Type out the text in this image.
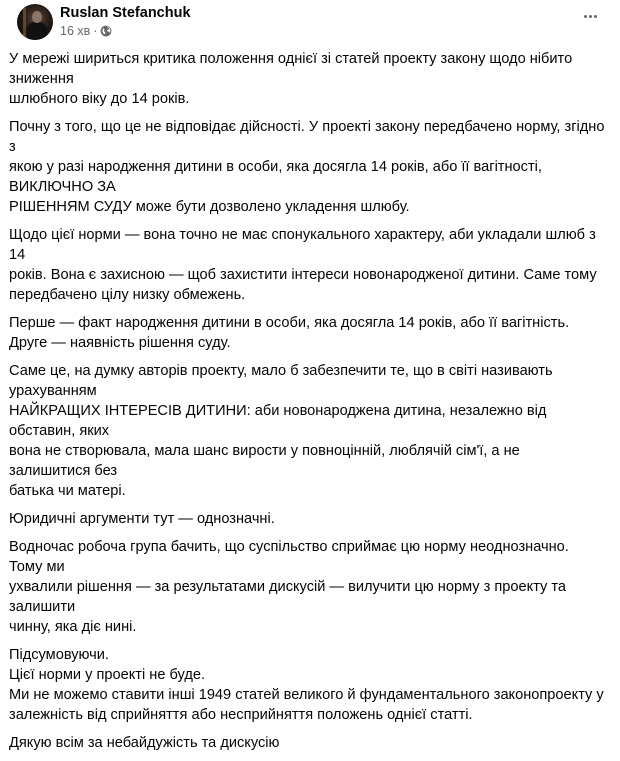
Ruslan Stefanchuk
16 хв ·

У мережі шириться критика положення однієї зі статей проекту закону щодо нібито зниження
шлюбного віку до 14 років.

Почну з того, що це не відповідає дійсності. У проекті закону передбачено норму, згідно з
якою у разі народження дитини в особи, яка досягла 14 років, або її вагітності, ВИКЛЮЧНО ЗА
РІШЕННЯМ СУДУ може бути дозволено укладення шлюбу.

Щодо цієї норми — вона точно не має спонукального характеру, аби укладали шлюб з 14
років. Вона є захисною — щоб захистити інтереси новонародженої дитини. Саме тому
передбачено цілу низку обмежень.

Перше — факт народження дитини в особи, яка досягла 14 років, або її вагітність.
Друге — наявність рішення суду.

Саме це, на думку авторів проекту, мало б забезпечити те, що в світі називають урахуванням
НАЙКРАЩИХ ІНТЕРЕСІВ ДИТИНИ: аби новонароджена дитина, незалежно від обставин, яких
вона не створювала, мала шанс вирости у повноцінній, люблячій сім'ї, а не залишитися без
батька чи матері.

Юридичні аргументи тут — однозначні.

Водночас робоча група бачить, що суспільство сприймає цю норму неоднозначно. Тому ми
ухвалили рішення — за результатами дискусій — вилучити цю норму з проекту та залишити
чинну, яка діє нині.

Підсумовуючи.
Цієї норми у проекті не буде.
Ми не можемо ставити інші 1949 статей великого й фундаментального законопроекту у
залежність від сприйняття або несприйняття положень однієї статті.

Дякую всім за небайдужість та дискусію
